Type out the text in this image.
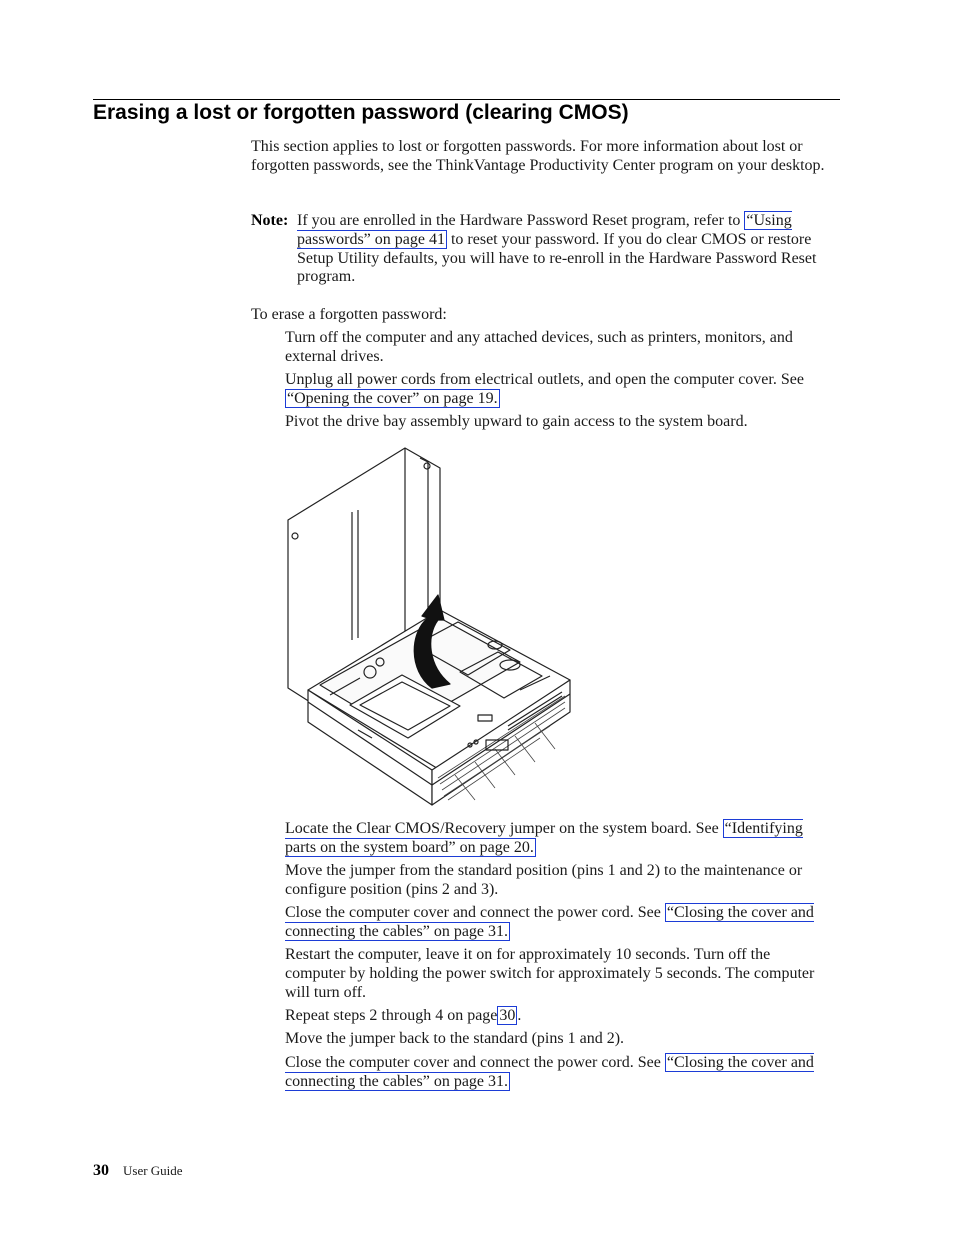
Erasing a lost or forgotten password (clearing CMOS)

This section applies to lost or forgotten passwords. For more information about lost or forgotten passwords, see the ThinkVantage Productivity Center program on your desktop.

Note: If you are enrolled in the Hardware Password Reset program, refer to “Using passwords” on page 41 to reset your password. If you do clear CMOS or restore Setup Utility defaults, you will have to re-enroll in the Hardware Password Reset program.

To erase a forgotten password:

Turn off the computer and any attached devices, such as printers, monitors, and external drives.

Unplug all power cords from electrical outlets, and open the computer cover. See “Opening the cover” on page 19.

Pivot the drive bay assembly upward to gain access to the system board.

Locate the Clear CMOS/Recovery jumper on the system board. See “Identifying parts on the system board” on page 20.

Move the jumper from the standard position (pins 1 and 2) to the maintenance or configure position (pins 2 and 3).

Close the computer cover and connect the power cord. See “Closing the cover and connecting the cables” on page 31.

Restart the computer, leave it on for approximately 10 seconds. Turn off the computer by holding the power switch for approximately 5 seconds. The computer will turn off.

Repeat steps 2 through 4 on page 30 .

Move the jumper back to the standard (pins 1 and 2).

Close the computer cover and connect the power cord. See “Closing the cover and connecting the cables” on page 31.

30 User Guide
